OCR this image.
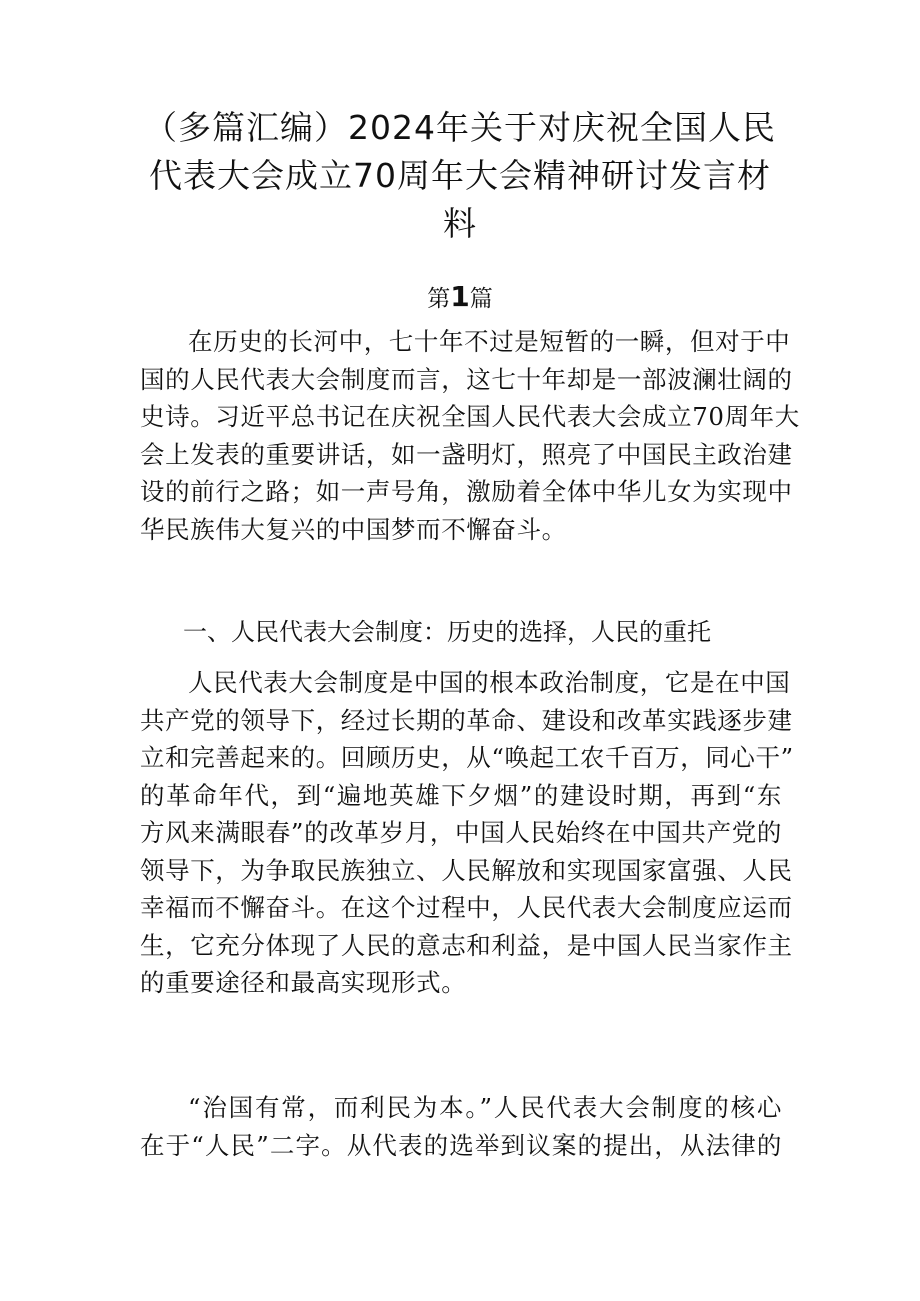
（多篇汇编）2024年关于对庆祝全国人民
代表大会成立70周年大会精神研讨发言材
料
第1篇
在历史的长河中，七十年不过是短暂的一瞬，但对于中
国的人民代表大会制度而言，这七十年却是一部波澜壮阔的
史诗。习近平总书记在庆祝全国人民代表大会成立70周年大
会上发表的重要讲话，如一盏明灯，照亮了中国民主政治建
设的前行之路；如一声号角，激励着全体中华儿女为实现中
华民族伟大复兴的中国梦而不懈奋斗。
一、人民代表大会制度：历史的选择，人民的重托
人民代表大会制度是中国的根本政治制度，它是在中国
共产党的领导下，经过长期的革命、建设和改革实践逐步建
立和完善起来的。回顾历史，从“唤起工农千百万，同心干”
的革命年代，到“遍地英雄下夕烟”的建设时期，再到“东
方风来满眼春”的改革岁月，中国人民始终在中国共产党的
领导下，为争取民族独立、人民解放和实现国家富强、人民
幸福而不懈奋斗。在这个过程中，人民代表大会制度应运而
生，它充分体现了人民的意志和利益，是中国人民当家作主
的重要途径和最高实现形式。
“治国有常，而利民为本。”人民代表大会制度的核心
在于“人民”二字。从代表的选举到议案的提出，从法律的
